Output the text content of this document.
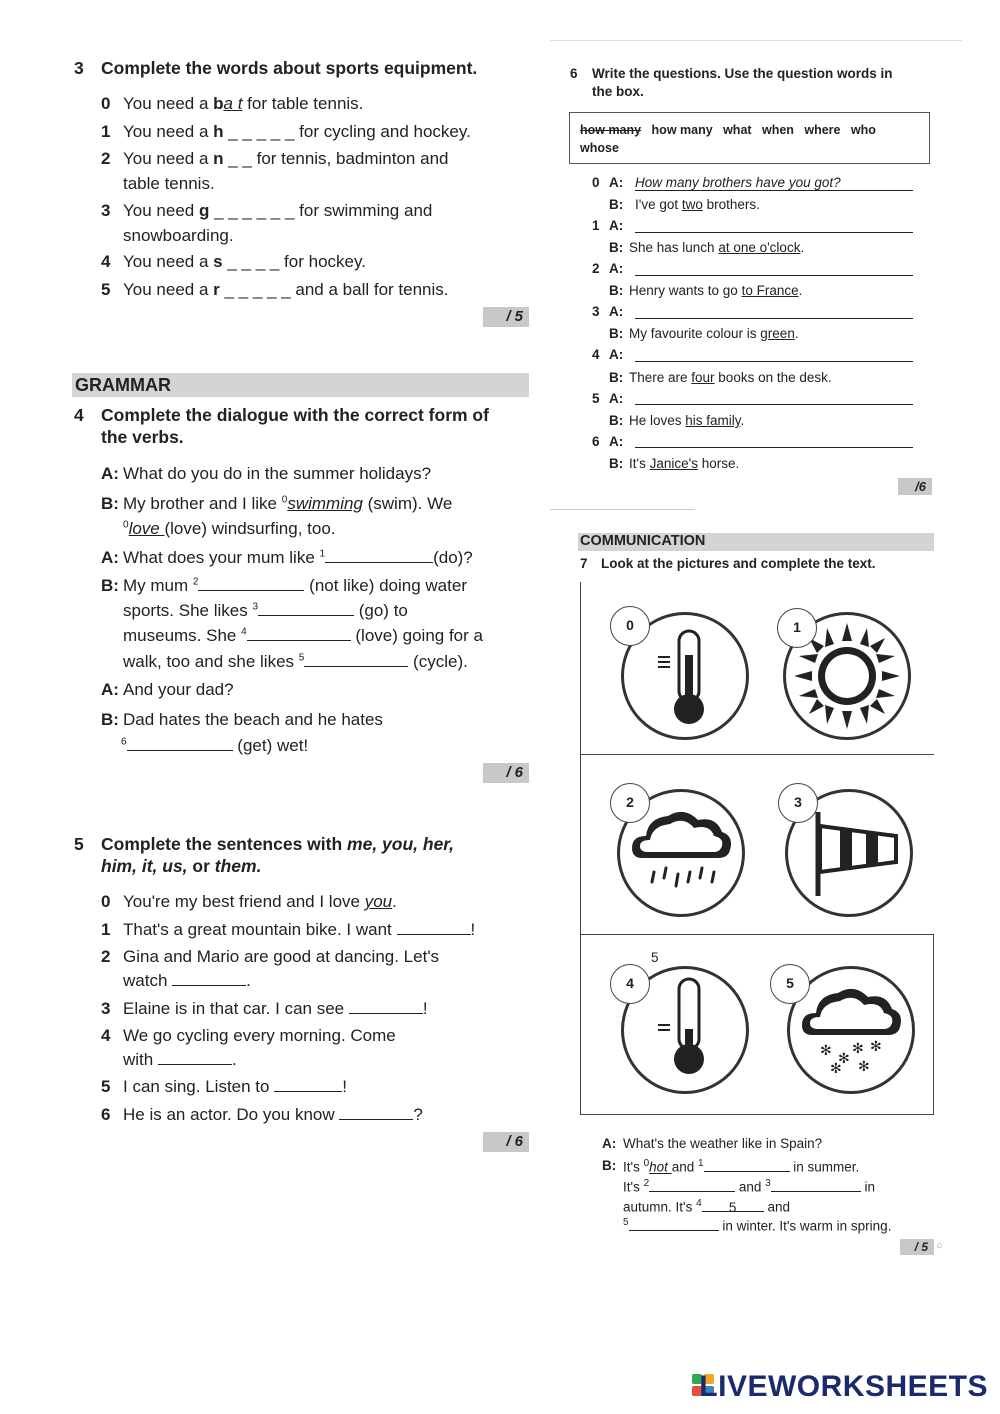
3 Complete the words about sports equipment.
0 You need a ba t for table tennis.
1 You need a h _ _ _ _ _ for cycling and hockey.
2 You need a n _ _ for tennis, badminton and
table tennis.
3 You need g _ _ _ _ _ _ for swimming and
snowboarding.
4 You need a s _ _ _ _ for hockey.
5 You need a r _ _ _ _ _ and a ball for tennis.
/ 5
GRAMMAR
4 Complete the dialogue with the correct form of
the verbs.
A: What do you do in the summer holidays?
B: My brother and I like $^0$swimming (swim). We
$^0$love (love) windsurfing, too.
A: What does your mum like $^1$	(do)?
B: My mum $^2$	(not like) doing water
sports. She likes $^3$	(go) to
museums. She $^4$	(love) going for a
walk, too and she likes $^5$	(cycle).
A: And your dad?
B: Dad hates the beach and he hates
$^6$	(get) wet!
/ 6
5 Complete the sentences with me, you, her,
him, it, us, or them.
0 You're my best friend and I love you.
1 That's a great mountain bike. I want	!
2 Gina and Mario are good at dancing. Let's
watch	.
3 Elaine is in that car. I can see	!
4 We go cycling every morning. Come
with	.
5 I can sing. Listen to	!
6 He is an actor. Do you know	?
/ 6
6 Write the questions. Use the question words in
the box.
how many how many   what   when   where   who
whose
0 A: How many brothers have you got?
B: I've got two brothers.
1 A:
B: She has lunch at one o'clock.
2 A:
B: Henry wants to go to France.
3 A:
B: My favourite colour is green.
4 A:
B: There are four books on the desk.
5 A:
B: He loves his family.
6 A:
B: It's Janice's horse.
/6
COMMUNICATION
7 Look at the pictures and complete the text.
0	1
2	3
4
5
✻ ✻
✻ ✻
✻ ✻
5
A: What's the weather like in Spain?
B: It's $^0$hot and $^1$	in summer.
It's $^2$	and $^3$	in
autumn. It's $^4$ 5 and
$^5$	in winter. It's warm in spring.
/ 5 ○
LIVEWORKSHEETS
